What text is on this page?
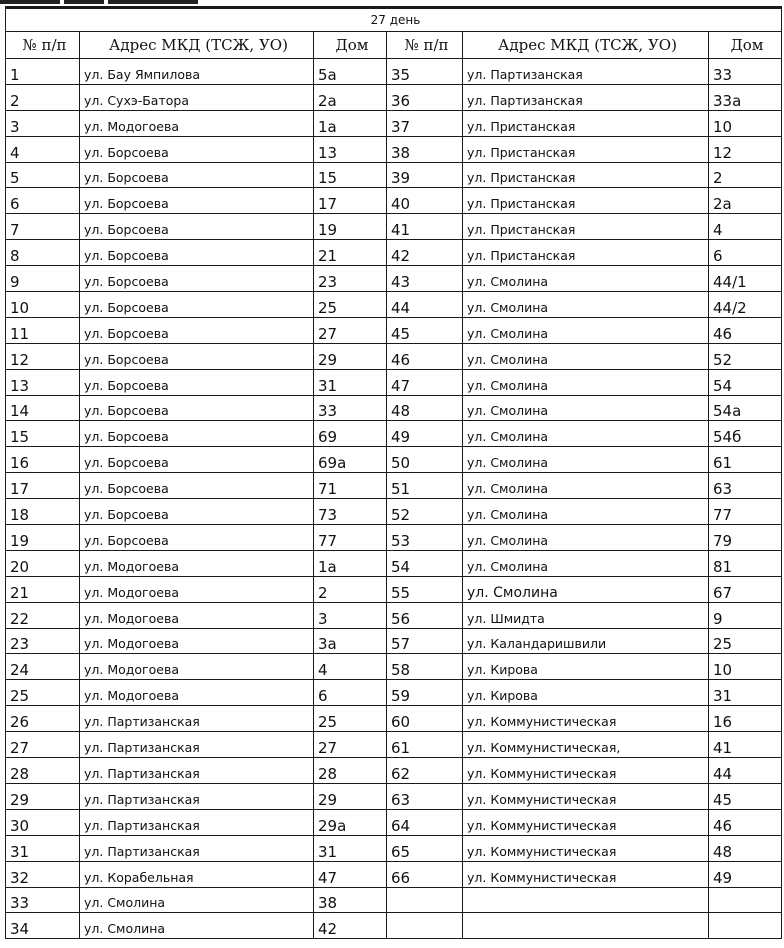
27 день					
№ п/п	Адрес МКД (ТСЖ, УО)	Дом	№ п/п	Адрес МКД (ТСЖ, УО)	Дом
1	ул. Бау Ямпилова	5а	35	ул. Партизанская	33
2	ул. Сухэ-Батора	2а	36	ул. Партизанская	33а
3	ул. Модогоева	1а	37	ул. Пристанская	10
4	ул. Борсоева	13	38	ул. Пристанская	12
5	ул. Борсоева	15	39	ул. Пристанская	2
6	ул. Борсоева	17	40	ул. Пристанская	2а
7	ул. Борсоева	19	41	ул. Пристанская	4
8	ул. Борсоева	21	42	ул. Пристанская	6
9	ул. Борсоева	23	43	ул. Смолина	44/1
10	ул. Борсоева	25	44	ул. Смолина	44/2
11	ул. Борсоева	27	45	ул. Смолина	46
12	ул. Борсоева	29	46	ул. Смолина	52
13	ул. Борсоева	31	47	ул. Смолина	54
14	ул. Борсоева	33	48	ул. Смолина	54а
15	ул. Борсоева	69	49	ул. Смолина	54б
16	ул. Борсоева	69а	50	ул. Смолина	61
17	ул. Борсоева	71	51	ул. Смолина	63
18	ул. Борсоева	73	52	ул. Смолина	77
19	ул. Борсоева	77	53	ул. Смолина	79
20	ул. Модогоева	1а	54	ул. Смолина	81
21	ул. Модогоева	2	55	ул. Смолина	67
22	ул. Модогоева	3	56	ул. Шмидта	9
23	ул. Модогоева	3а	57	ул. Каландаришвили	25
24	ул. Модогоева	4	58	ул. Кирова	10
25	ул. Модогоева	6	59	ул. Кирова	31
26	ул. Партизанская	25	60	ул. Коммунистическая	16
27	ул. Партизанская	27	61	ул. Коммунистическая,	41
28	ул. Партизанская	28	62	ул. Коммунистическая	44
29	ул. Партизанская	29	63	ул. Коммунистическая	45
30	ул. Партизанская	29а	64	ул. Коммунистическая	46
31	ул. Партизанская	31	65	ул. Коммунистическая	48
32	ул. Корабельная	47	66	ул. Коммунистическая	49
33	ул. Смолина	38			
34	ул. Смолина	42			
